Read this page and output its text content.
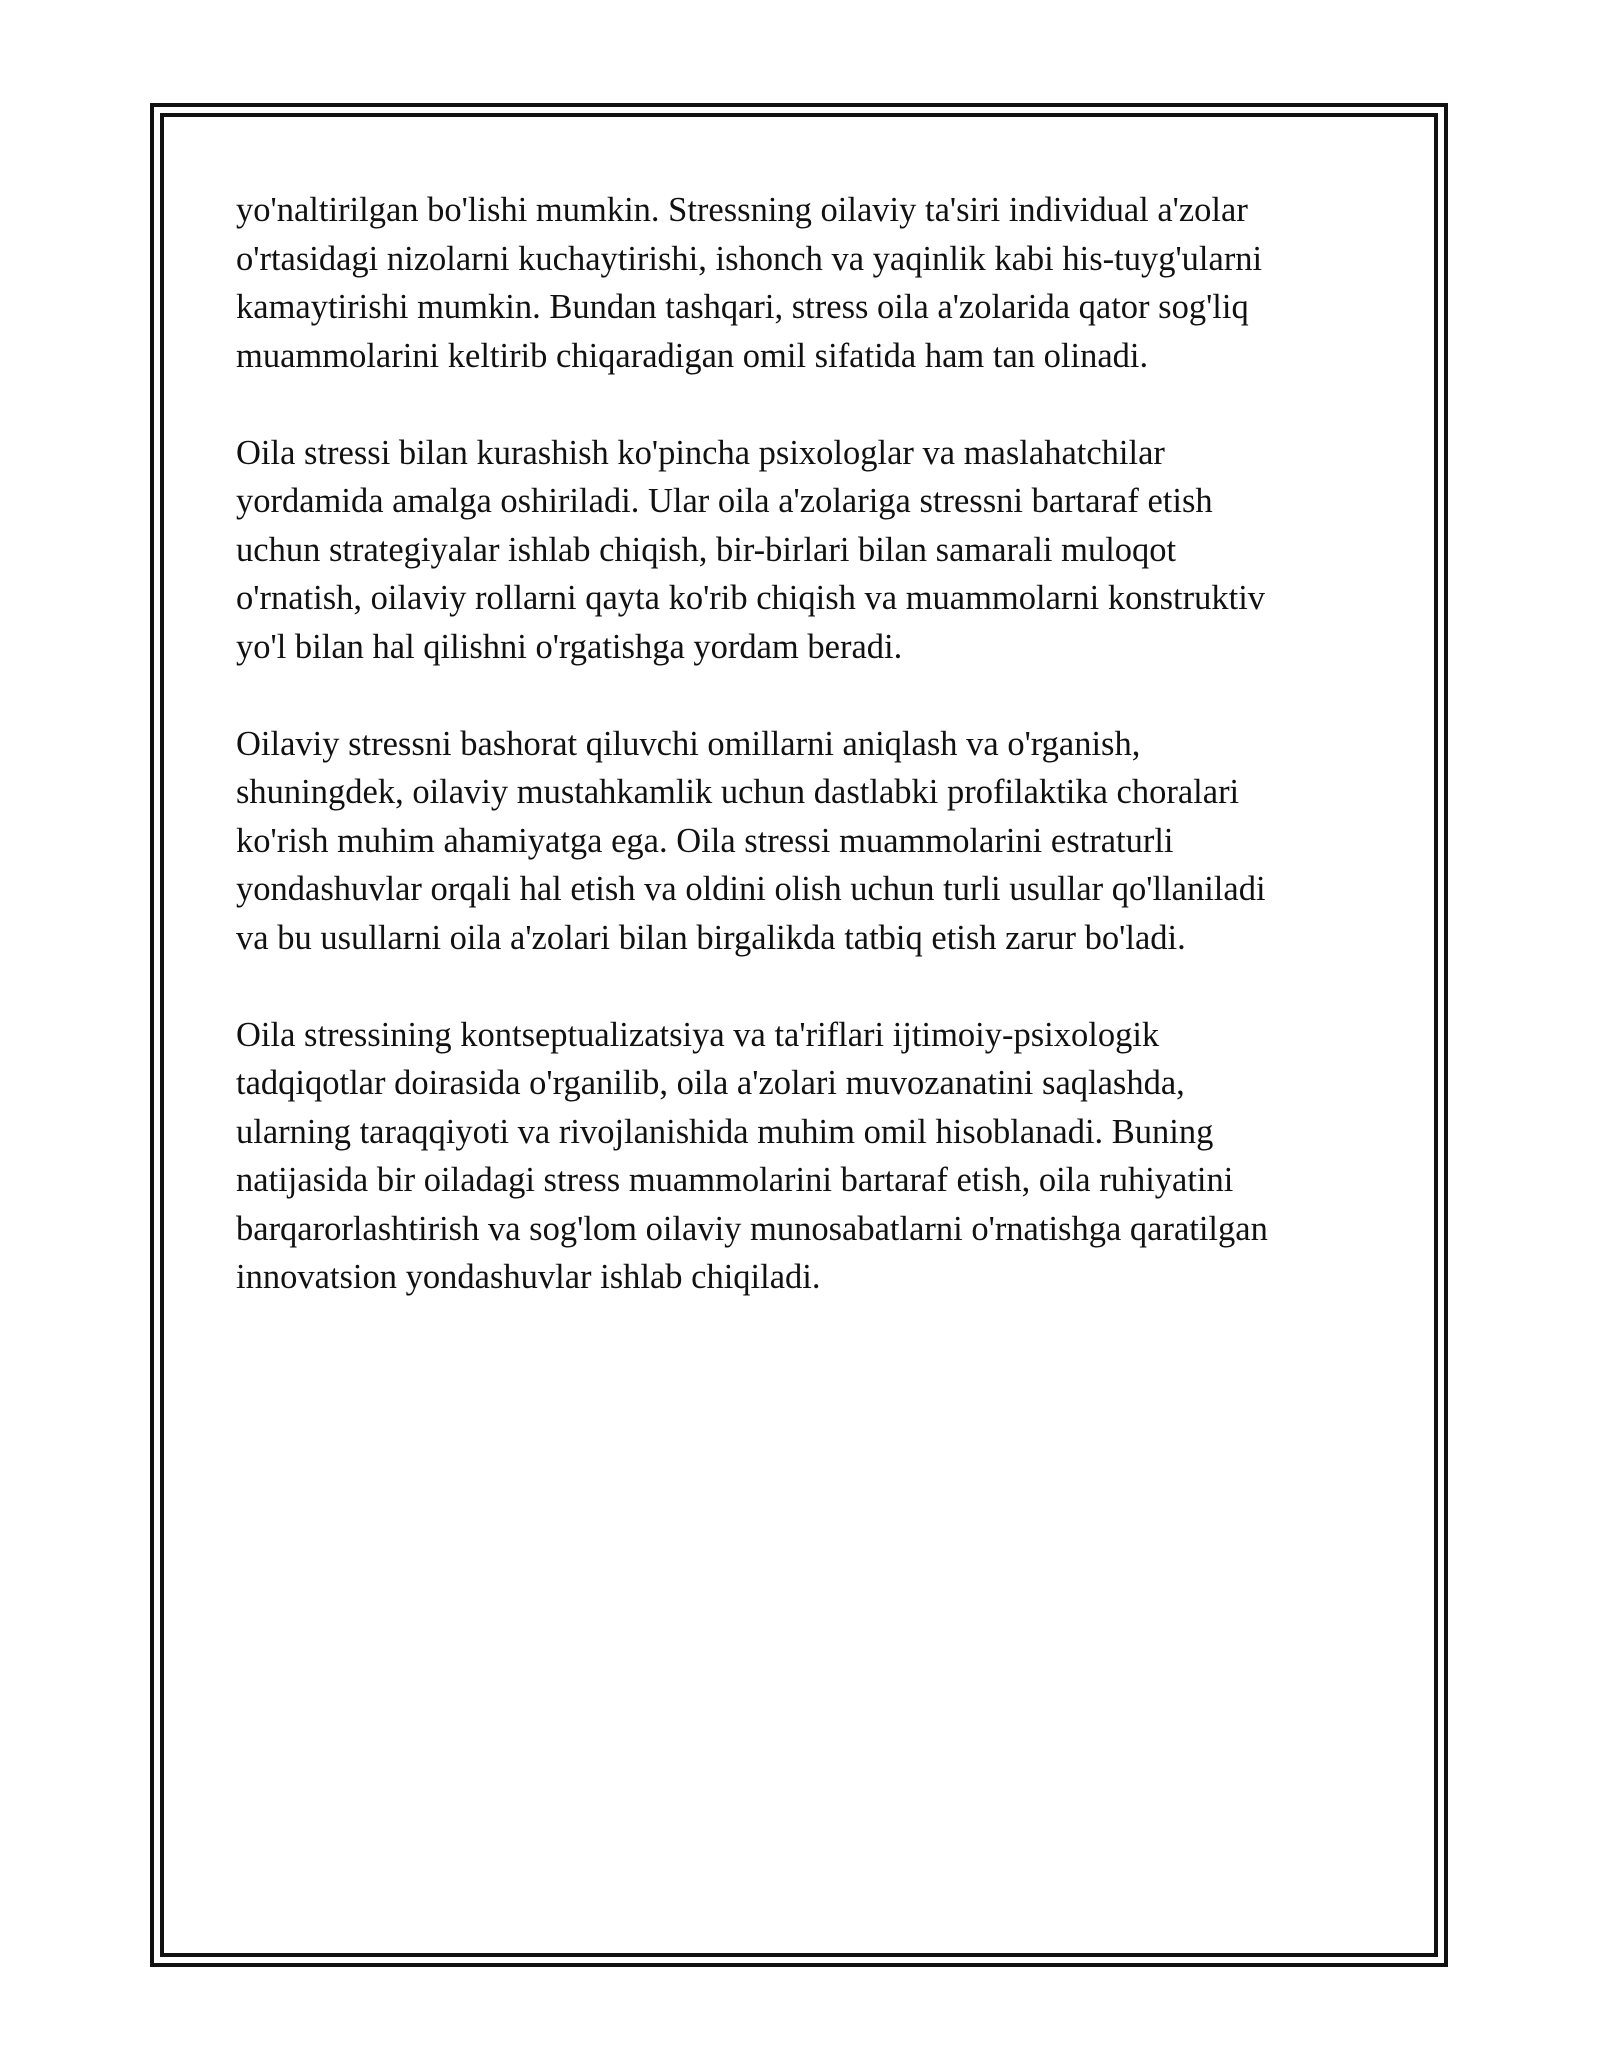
yo'naltirilgan bo'lishi mumkin. Stressning oilaviy ta'siri individual a'zolar
o'rtasidagi nizolarni kuchaytirishi, ishonch va yaqinlik kabi his-tuyg'ularni
kamaytirishi mumkin. Bundan tashqari, stress oila a'zolarida qator sog'liq
muammolarini keltirib chiqaradigan omil sifatida ham tan olinadi.

Oila stressi bilan kurashish ko'pincha psixologlar va maslahatchilar
yordamida amalga oshiriladi. Ular oila a'zolariga stressni bartaraf etish
uchun strategiyalar ishlab chiqish, bir-birlari bilan samarali muloqot
o'rnatish, oilaviy rollarni qayta ko'rib chiqish va muammolarni konstruktiv
yo'l bilan hal qilishni o'rgatishga yordam beradi.

Oilaviy stressni bashorat qiluvchi omillarni aniqlash va o'rganish,
shuningdek, oilaviy mustahkamlik uchun dastlabki profilaktika choralari
ko'rish muhim ahamiyatga ega. Oila stressi muammolarini estraturli
yondashuvlar orqali hal etish va oldini olish uchun turli usullar qo'llaniladi
va bu usullarni oila a'zolari bilan birgalikda tatbiq etish zarur bo'ladi.

Oila stressining kontseptualizatsiya va ta'riflari ijtimoiy-psixologik
tadqiqotlar doirasida o'rganilib, oila a'zolari muvozanatini saqlashda,
ularning taraqqiyoti va rivojlanishida muhim omil hisoblanadi. Buning
natijasida bir oiladagi stress muammolarini bartaraf etish, oila ruhiyatini
barqarorlashtirish va sog'lom oilaviy munosabatlarni o'rnatishga qaratilgan
innovatsion yondashuvlar ishlab chiqiladi.
